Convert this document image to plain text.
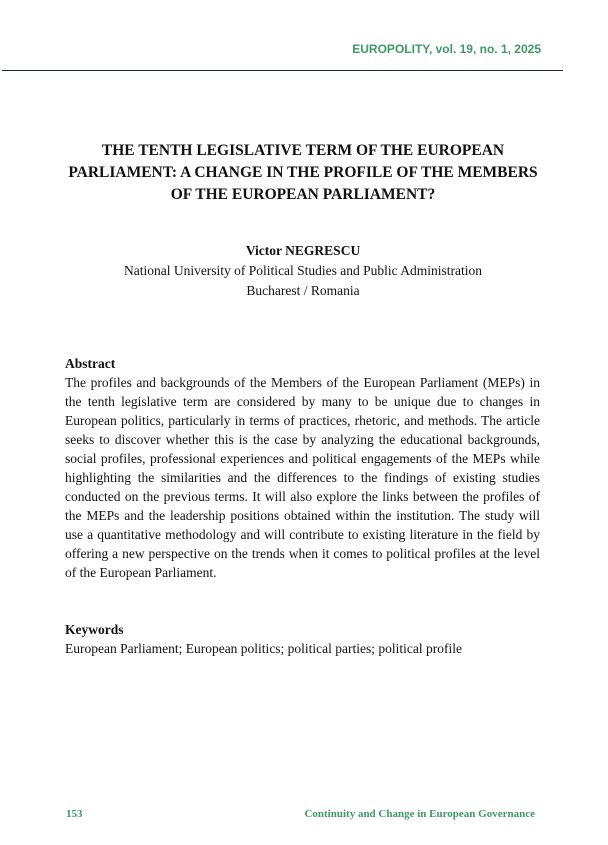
EUROPOLITY, vol. 19, no. 1, 2025
THE TENTH LEGISLATIVE TERM OF THE EUROPEAN PARLIAMENT: A CHANGE IN THE PROFILE OF THE MEMBERS OF THE EUROPEAN PARLIAMENT?
Victor NEGRESCU
National University of Political Studies and Public Administration
Bucharest / Romania
Abstract

The profiles and backgrounds of the Members of the European Parliament (MEPs) in the tenth legislative term are considered by many to be unique due to changes in European politics, particularly in terms of practices, rhetoric, and methods. The article seeks to discover whether this is the case by analyzing the educational backgrounds, social profiles, professional experiences and political engagements of the MEPs while highlighting the similarities and the differences to the findings of existing studies conducted on the previous terms. It will also explore the links between the profiles of the MEPs and the leadership positions obtained within the institution. The study will use a quantitative methodology and will contribute to existing literature in the field by offering a new perspective on the trends when it comes to political profiles at the level of the European Parliament.

Keywords

European Parliament; European politics; political parties; political profile

153	Continuity and Change in European Governance
